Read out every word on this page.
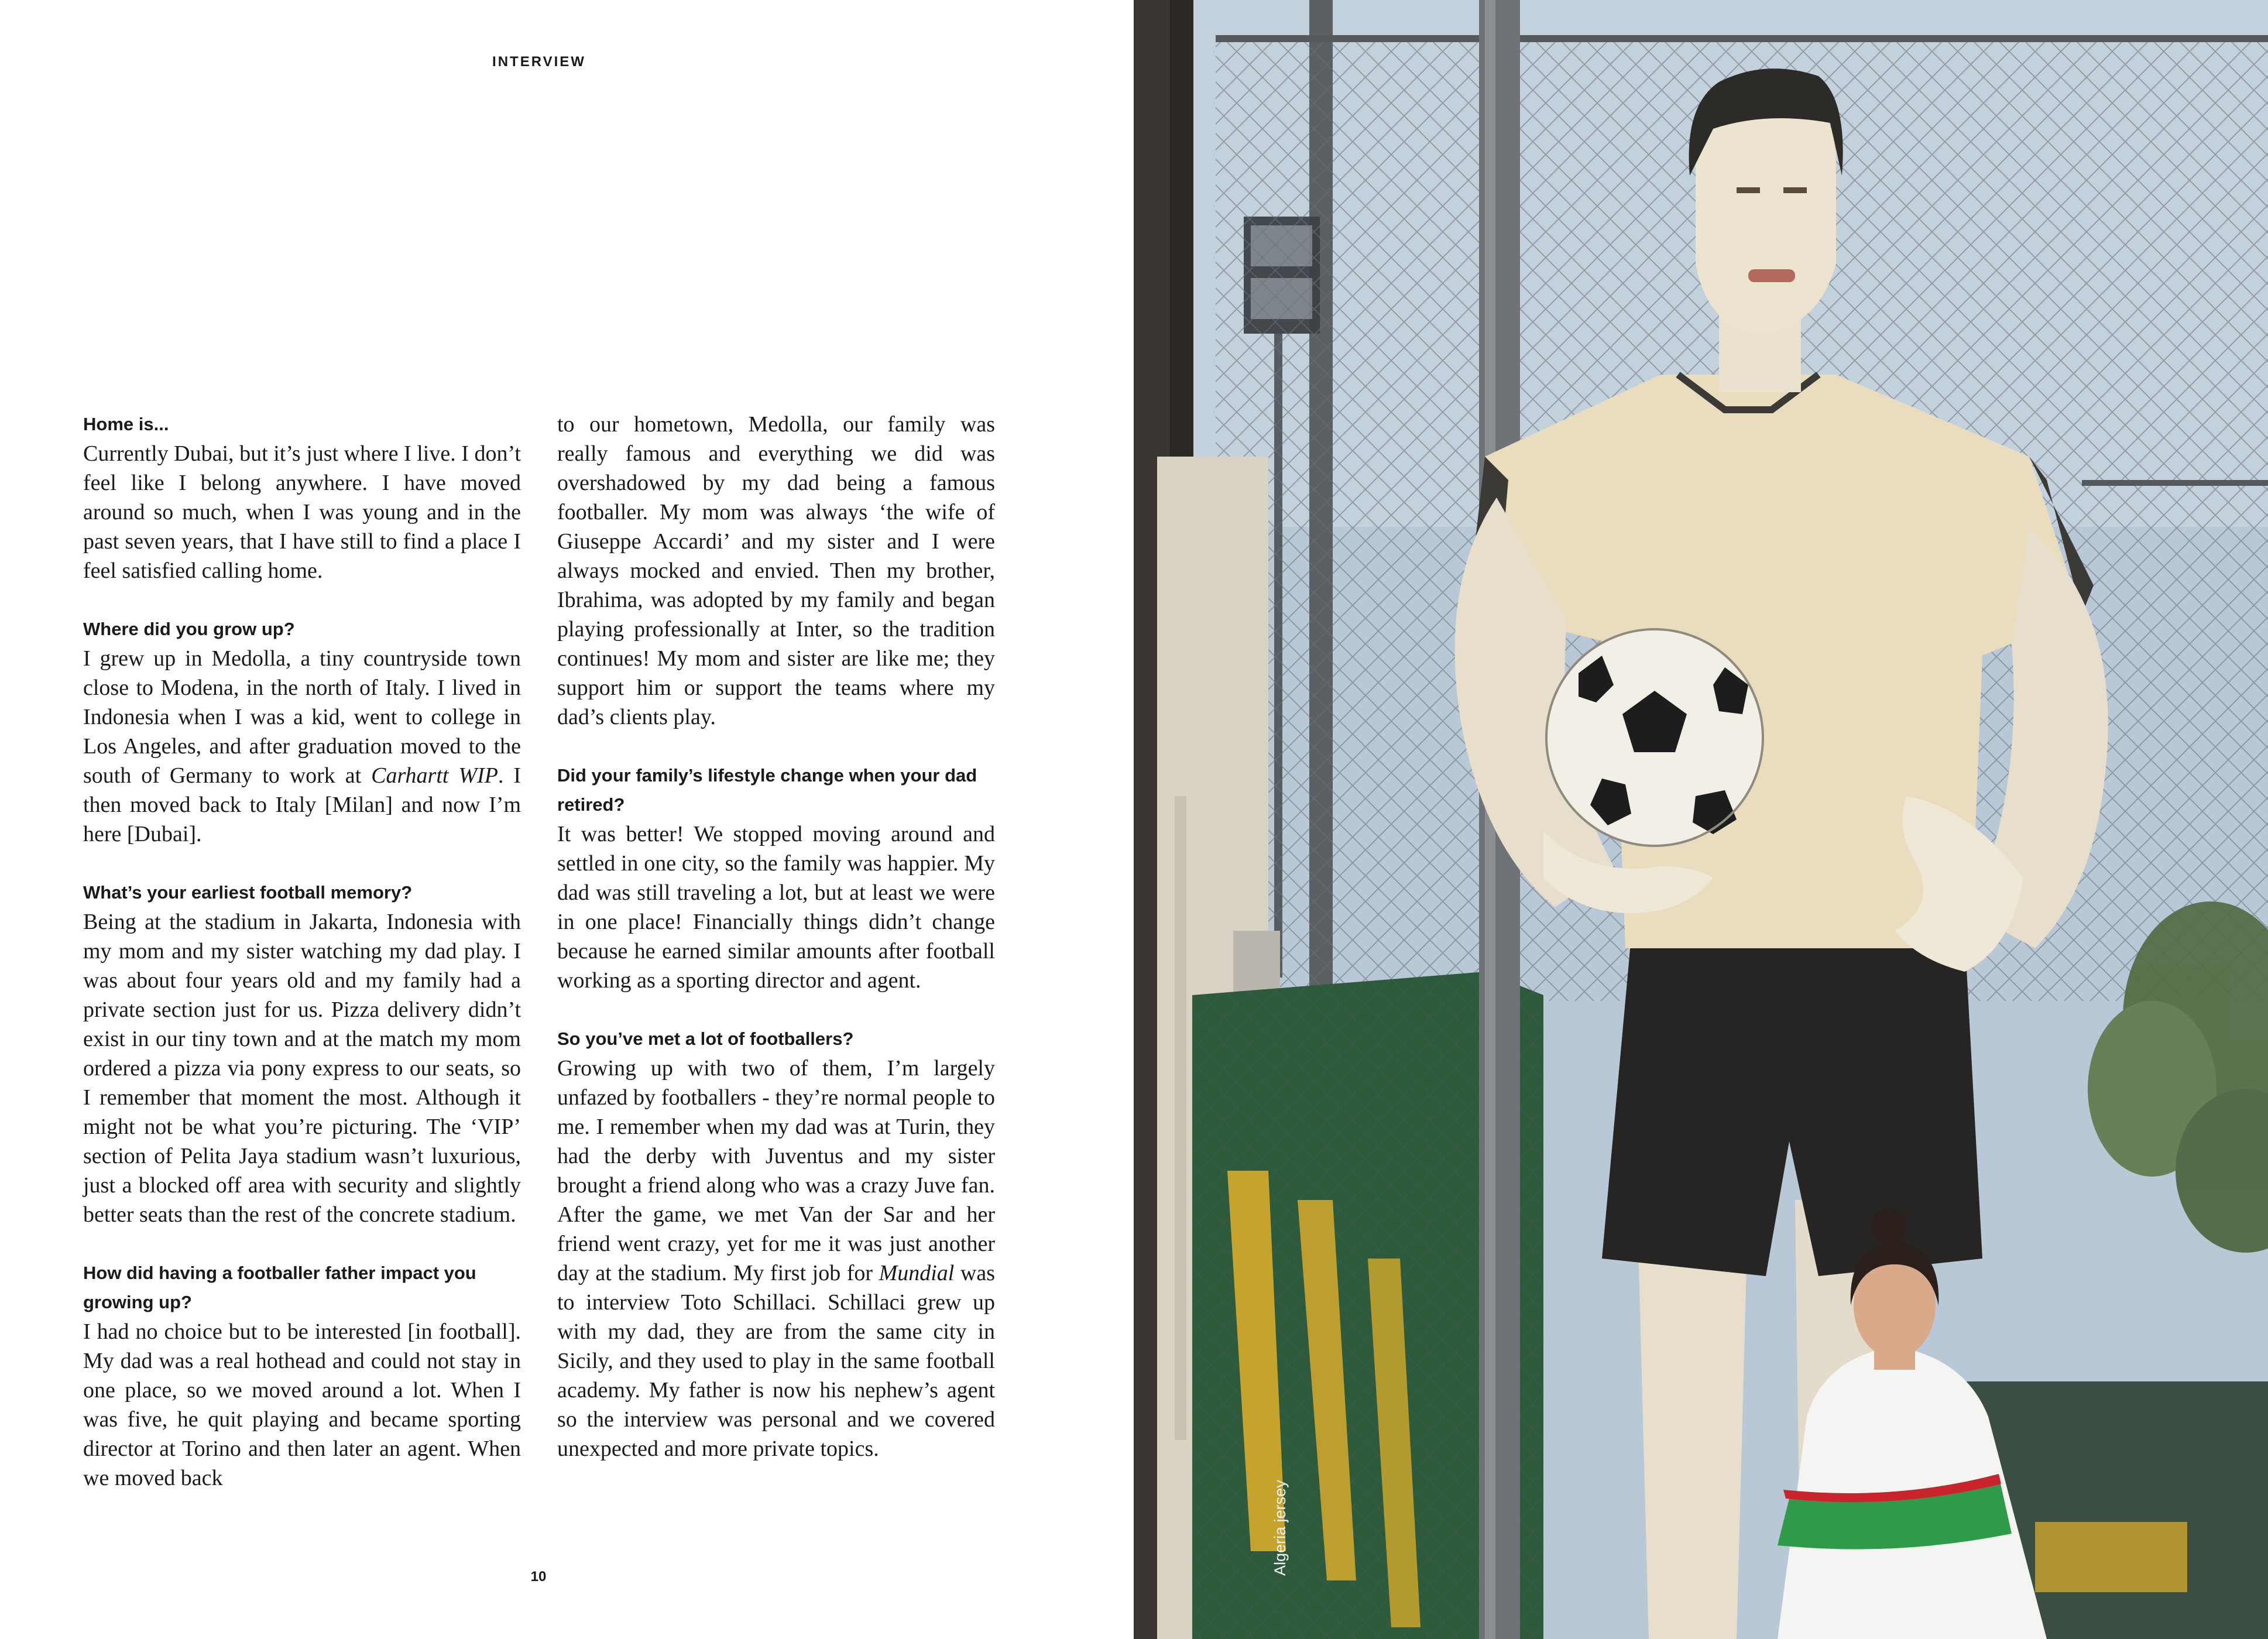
INTERVIEW

Home is...

Currently Dubai, but it’s just where I live. I don’t feel like I belong anywhere. I have moved around so much, when I was young and in the past seven years, that I have still to find a place I feel satisfied calling home.

Where did you grow up?

I grew up in Medolla, a tiny countryside town close to Modena, in the north of Italy. I lived in Indonesia when I was a kid, went to college in Los Angeles, and after graduation moved to the south of Germany to work at Carhartt WIP. I then moved back to Italy [Milan] and now I’m here [Dubai].

What’s your earliest football memory?

Being at the stadium in Jakarta, Indonesia with my mom and my sister watching my dad play. I was about four years old and my family had a private section just for us. Pizza delivery didn’t exist in our tiny town and at the match my mom ordered a pizza via pony express to our seats, so I remember that moment the most. Although it might not be what you’re picturing. The ‘VIP’ section of Pelita Jaya stadium wasn’t luxurious, just a blocked off area with security and slightly better seats than the rest of the concrete stadium.

How did having a footballer father impact you growing up?

I had no choice but to be interested [in football]. My dad was a real hothead and could not stay in one place, so we moved around a lot. When I was five, he quit playing and became sporting director at Torino and then later an agent. When we moved back

to our hometown, Medolla, our family was really famous and everything we did was overshadowed by my dad being a famous footballer. My mom was always ‘the wife of Giuseppe Accardi’ and my sister and I were always mocked and envied. Then my brother, Ibrahima, was adopted by my family and began playing professionally at Inter, so the tradition continues! My mom and sister are like me; they support him or support the teams where my dad’s clients play.

Did your family’s lifestyle change when your dad retired?

It was better! We stopped moving around and settled in one city, so the family was happier. My dad was still traveling a lot, but at least we were in one place! Financially things didn’t change because he earned similar amounts after football working as a sporting director and agent.

So you’ve met a lot of footballers?

Growing up with two of them, I’m largely unfazed by footballers - they’re normal people to me. I remember when my dad was at Turin, they had the derby with Juventus and my sister brought a friend along who was a crazy Juve fan. After the game, we met Van der Sar and her friend went crazy, yet for me it was just another day at the stadium. My first job for Mundial was to interview Toto Schillaci. Schillaci grew up with my dad, they are from the same city in Sicily, and they used to play in the same football academy. My father is now his nephew’s agent so the interview was personal and we covered unexpected and more private topics.

10
Algeria jersey
